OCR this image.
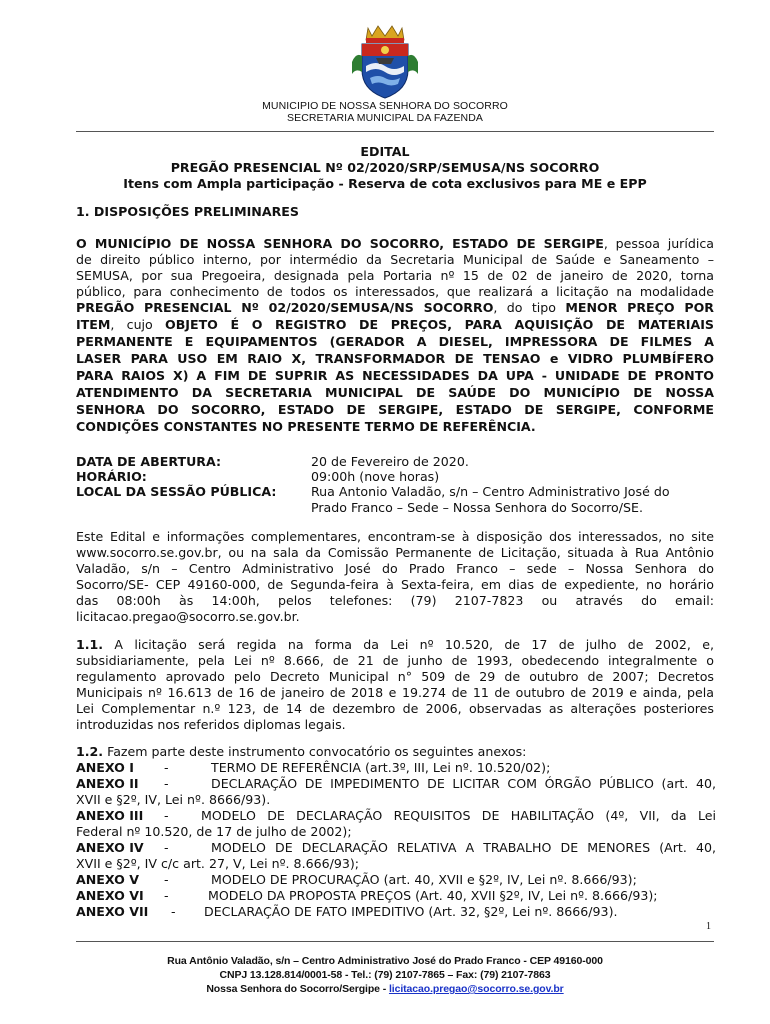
MUNICIPIO DE NOSSA SENHORA DO SOCORRO
SECRETARIA MUNICIPAL DA FAZENDA
EDITAL
PREGÃO PRESENCIAL Nº 02/2020/SRP/SEMUSA/NS SOCORRO
Itens com Ampla participação - Reserva de cota exclusivos para ME e EPP
1. DISPOSIÇÕES PRELIMINARES
O MUNICÍPIO DE NOSSA SENHORA DO SOCORRO, ESTADO DE SERGIPE, pessoa jurídica
de direito público interno, por intermédio da Secretaria Municipal de Saúde e Saneamento –
SEMUSA, por sua Pregoeira, designada pela Portaria nº 15 de 02 de janeiro de 2020, torna
público, para conhecimento de todos os interessados, que realizará a licitação na modalidade
PREGÃO PRESENCIAL Nº 02/2020/SEMUSA/NS SOCORRO, do tipo MENOR PREÇO POR
ITEM, cujo OBJETO É O REGISTRO DE PREÇOS, PARA AQUISIÇÃO DE MATERIAIS
PERMANENTE E EQUIPAMENTOS (GERADOR A DIESEL, IMPRESSORA DE FILMES A
LASER PARA USO EM RAIO X, TRANSFORMADOR DE TENSAO e VIDRO PLUMBÍFERO
PARA RAIOS X) A FIM DE SUPRIR AS NECESSIDADES DA UPA - UNIDADE DE PRONTO
ATENDIMENTO DA SECRETARIA MUNICIPAL DE SAÚDE DO MUNICÍPIO DE NOSSA
SENHORA DO SOCORRO, ESTADO DE SERGIPE, ESTADO DE SERGIPE, CONFORME
CONDIÇÕES CONSTANTES NO PRESENTE TERMO DE REFERÊNCIA.
DATA DE ABERTURA:	20 de Fevereiro de 2020.
HORÁRIO:	09:00h (nove horas)
LOCAL DA SESSÃO PÚBLICA:	Rua Antonio Valadão, s/n – Centro Administrativo José do
Prado Franco – Sede – Nossa Senhora do Socorro/SE.
Este Edital e informações complementares, encontram-se à disposição dos interessados, no site
www.socorro.se.gov.br, ou na sala da Comissão Permanente de Licitação, situada à Rua Antônio
Valadão, s/n – Centro Administrativo José do Prado Franco – sede – Nossa Senhora do
Socorro/SE- CEP 49160-000, de Segunda-feira à Sexta-feira, em dias de expediente, no horário
das 08:00h às 14:00h, pelos telefones: (79) 2107-7823 ou através do email:
licitacao.pregao@socorro.se.gov.br.
1.1. A licitação será regida na forma da Lei nº 10.520, de 17 de julho de 2002, e,
subsidiariamente, pela Lei nº 8.666, de 21 de junho de 1993, obedecendo integralmente o
regulamento aprovado pelo Decreto Municipal n° 509 de 29 de outubro de 2007; Decretos
Municipais nº 16.613 de 16 de janeiro de 2018 e 19.274 de 11 de outubro de 2019 e ainda, pela
Lei Complementar n.º 123, de 14 de dezembro de 2006, observadas as alterações posteriores
introduzidas nos referidos diplomas legais.
1.2. Fazem parte deste instrumento convocatório os seguintes anexos:
ANEXO I -	TERMO DE REFERÊNCIA (art.3º, III, Lei nº. 10.520/02);
ANEXO II -	DECLARAÇÃO DE IMPEDIMENTO DE LICITAR COM ÓRGÃO PÚBLICO (art. 40,
XVII e §2º, IV, Lei nº. 8666/93).
ANEXO III -	MODELO DE DECLARAÇÃO REQUISITOS DE HABILITAÇÃO (4º, VII, da Lei
Federal nº 10.520, de 17 de julho de 2002);
ANEXO IV -	MODELO DE DECLARAÇÃO RELATIVA A TRABALHO DE MENORES (Art. 40,
XVII e §2º, IV c/c art. 27, V, Lei nº. 8.666/93);
ANEXO V -	MODELO DE PROCURAÇÃO (art. 40, XVII e §2º, IV, Lei nº. 8.666/93);
ANEXO VI -	MODELO DA PROPOSTA PREÇOS (Art. 40, XVII §2º, IV, Lei nº. 8.666/93);
ANEXO VII - DECLARAÇÃO DE FATO IMPEDITIVO (Art. 32, §2º, Lei nº. 8666/93).
1
Rua Antônio Valadão, s/n – Centro Administrativo José do Prado Franco - CEP 49160-000
CNPJ 13.128.814/0001-58 - Tel.: (79) 2107-7865 – Fax: (79) 2107-7863
Nossa Senhora do Socorro/Sergipe - licitacao.pregao@socorro.se.gov.br
